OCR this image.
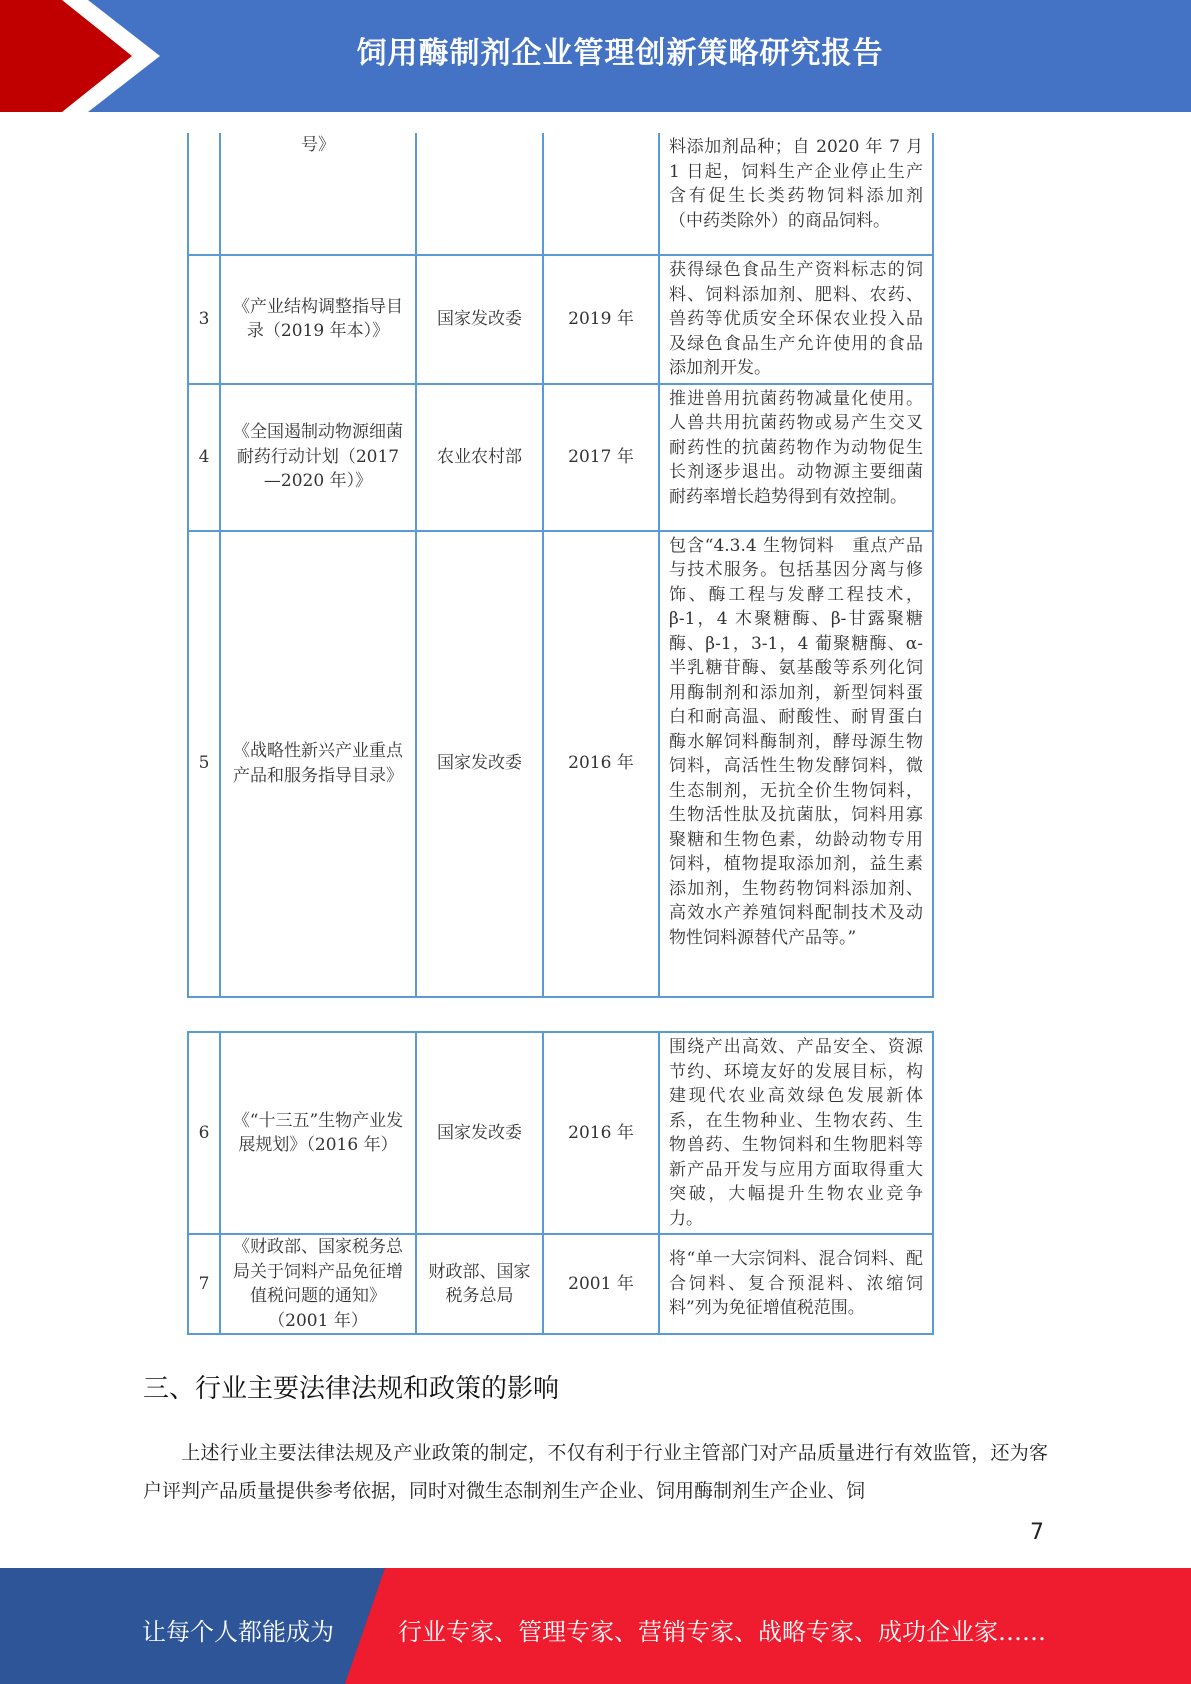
饲用酶制剂企业管理创新策略研究报告
	号》			料添加剂品种；自 2020 年 7 月 1 日起，饲料生产企业停止生产含有促生长类药物饲料添加剂（中药类除外）的商品饲料。
3	《产业结构调整指导目录（2019 年本）》	国家发改委	2019 年	获得绿色食品生产资料标志的饲料、饲料添加剂、肥料、农药、兽药等优质安全环保农业投入品及绿色食品生产允许使用的食品添加剂开发。
4	《全国遏制动物源细菌耐药行动计划（2017—2020 年）》	农业农村部	2017 年	推进兽用抗菌药物减量化使用。人兽共用抗菌药物或易产生交叉耐药性的抗菌药物作为动物促生长剂逐步退出。动物源主要细菌耐药率增长趋势得到有效控制。
5	《战略性新兴产业重点产品和服务指导目录》	国家发改委	2016 年	包含“4.3.4 生物饲料　重点产品与技术服务。包括基因分离与修饰、酶工程与发酵工程技术，β-1，4 木聚糖酶、β-甘露聚糖酶、β-1，3-1，4 葡聚糖酶、α-半乳糖苷酶、氨基酸等系列化饲用酶制剂和添加剂，新型饲料蛋白和耐高温、耐酸性、耐胃蛋白酶水解饲料酶制剂，酵母源生物饲料，高活性生物发酵饲料，微生态制剂，无抗全价生物饲料，生物活性肽及抗菌肽，饲料用寡聚糖和生物色素，幼龄动物专用饲料，植物提取添加剂，益生素添加剂，生物药物饲料添加剂、高效水产养殖饲料配制技术及动物性饲料源替代产品等。”
6	《“十三五”生物产业发展规划》（2016 年）	国家发改委	2016 年	围绕产出高效、产品安全、资源节约、环境友好的发展目标，构建现代农业高效绿色发展新体系，在生物种业、生物农药、生物兽药、生物饲料和生物肥料等新产品开发与应用方面取得重大突破，大幅提升生物农业竞争力。
7	《财政部、国家税务总局关于饲料产品免征增值税问题的通知》（2001 年）	财政部、国家税务总局	2001 年	将“单一大宗饲料、混合饲料、配合饲料、复合预混料、浓缩饲料”列为免征增值税范围。
三、行业主要法律法规和政策的影响
上述行业主要法律法规及产业政策的制定，不仅有利于行业主管部门对产品质量进行有效监管，还为客户评判产品质量提供参考依据，同时对微生态制剂生产企业、饲用酶制剂生产企业、饲
7
让每个人都能成为	行业专家、管理专家、营销专家、战略专家、成功企业家……
